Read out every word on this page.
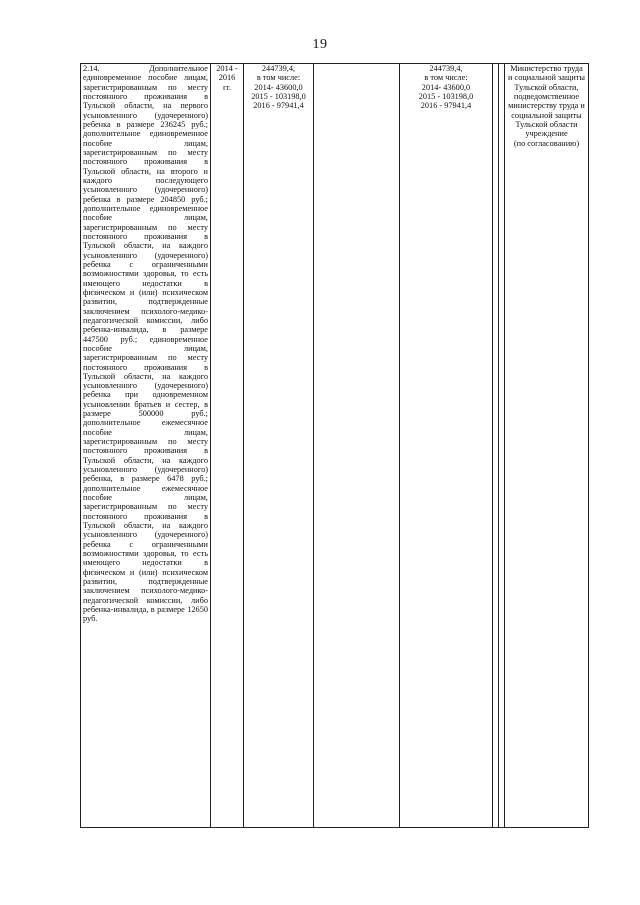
19
2.14. Дополнительное единовременное пособие лицам, зарегистрированным по месту постоянного проживания в Тульской области, на первого усыновленного (удочеренного) ребенка в размере 236245 руб.; дополнительное единовременное пособие лицам, зарегистрированным по месту постоянного проживания в Тульской области, на второго и каждого последующего усыновленного (удочеренного) ребенка в размере 204850 руб.; дополнительное единовременное пособие лицам, зарегистрированным по месту постоянного проживания в Тульской области, на каждого усыновленного (удочеренного) ребенка с ограниченными возможностями здоровья, то есть имеющего недостатки в физическом и (или) психическом развитии, подтвержденные заключением психолого-медико-педагогической комиссии, либо ребенка-инвалида, в размере 447500 руб.; единовременное пособие лицам, зарегистрированным по месту постоянного проживания в Тульской области, на каждого усыновленного (удочеренного) ребенка при одновременном усыновлении братьев и сестер, в размере 500000 руб.; дополнительное ежемесячное пособие лицам, зарегистрированным по месту постоянного проживания в Тульской области, на каждого усыновленного (удочеренного) ребенка, в размере 6478 руб.; дополнительное ежемесячное пособие лицам, зарегистрированным по месту постоянного проживания в Тульской области, на каждого усыновленного (удочеренного) ребенка с ограниченными возможностями здоровья, то есть имеющего недостатки в физическом и (или) психическом развитии, подтвержденные заключением психолого-медико-педагогической комиссии, либо ребенка-инвалида, в размере 12650 руб.	2014 -
2016
гг.	244739,4,
в том числе:
2014- 43600,0
2015 - 103198,0
2016 - 97941,4		244739,4,
в том числе:
2014- 43600,0
2015 - 103198,0
2016 - 97941,4			Министерство труда и социальной защиты Тульской области, подведомственное министерству труда и социальной защиты Тульской области учреждение
(по согласованию)
